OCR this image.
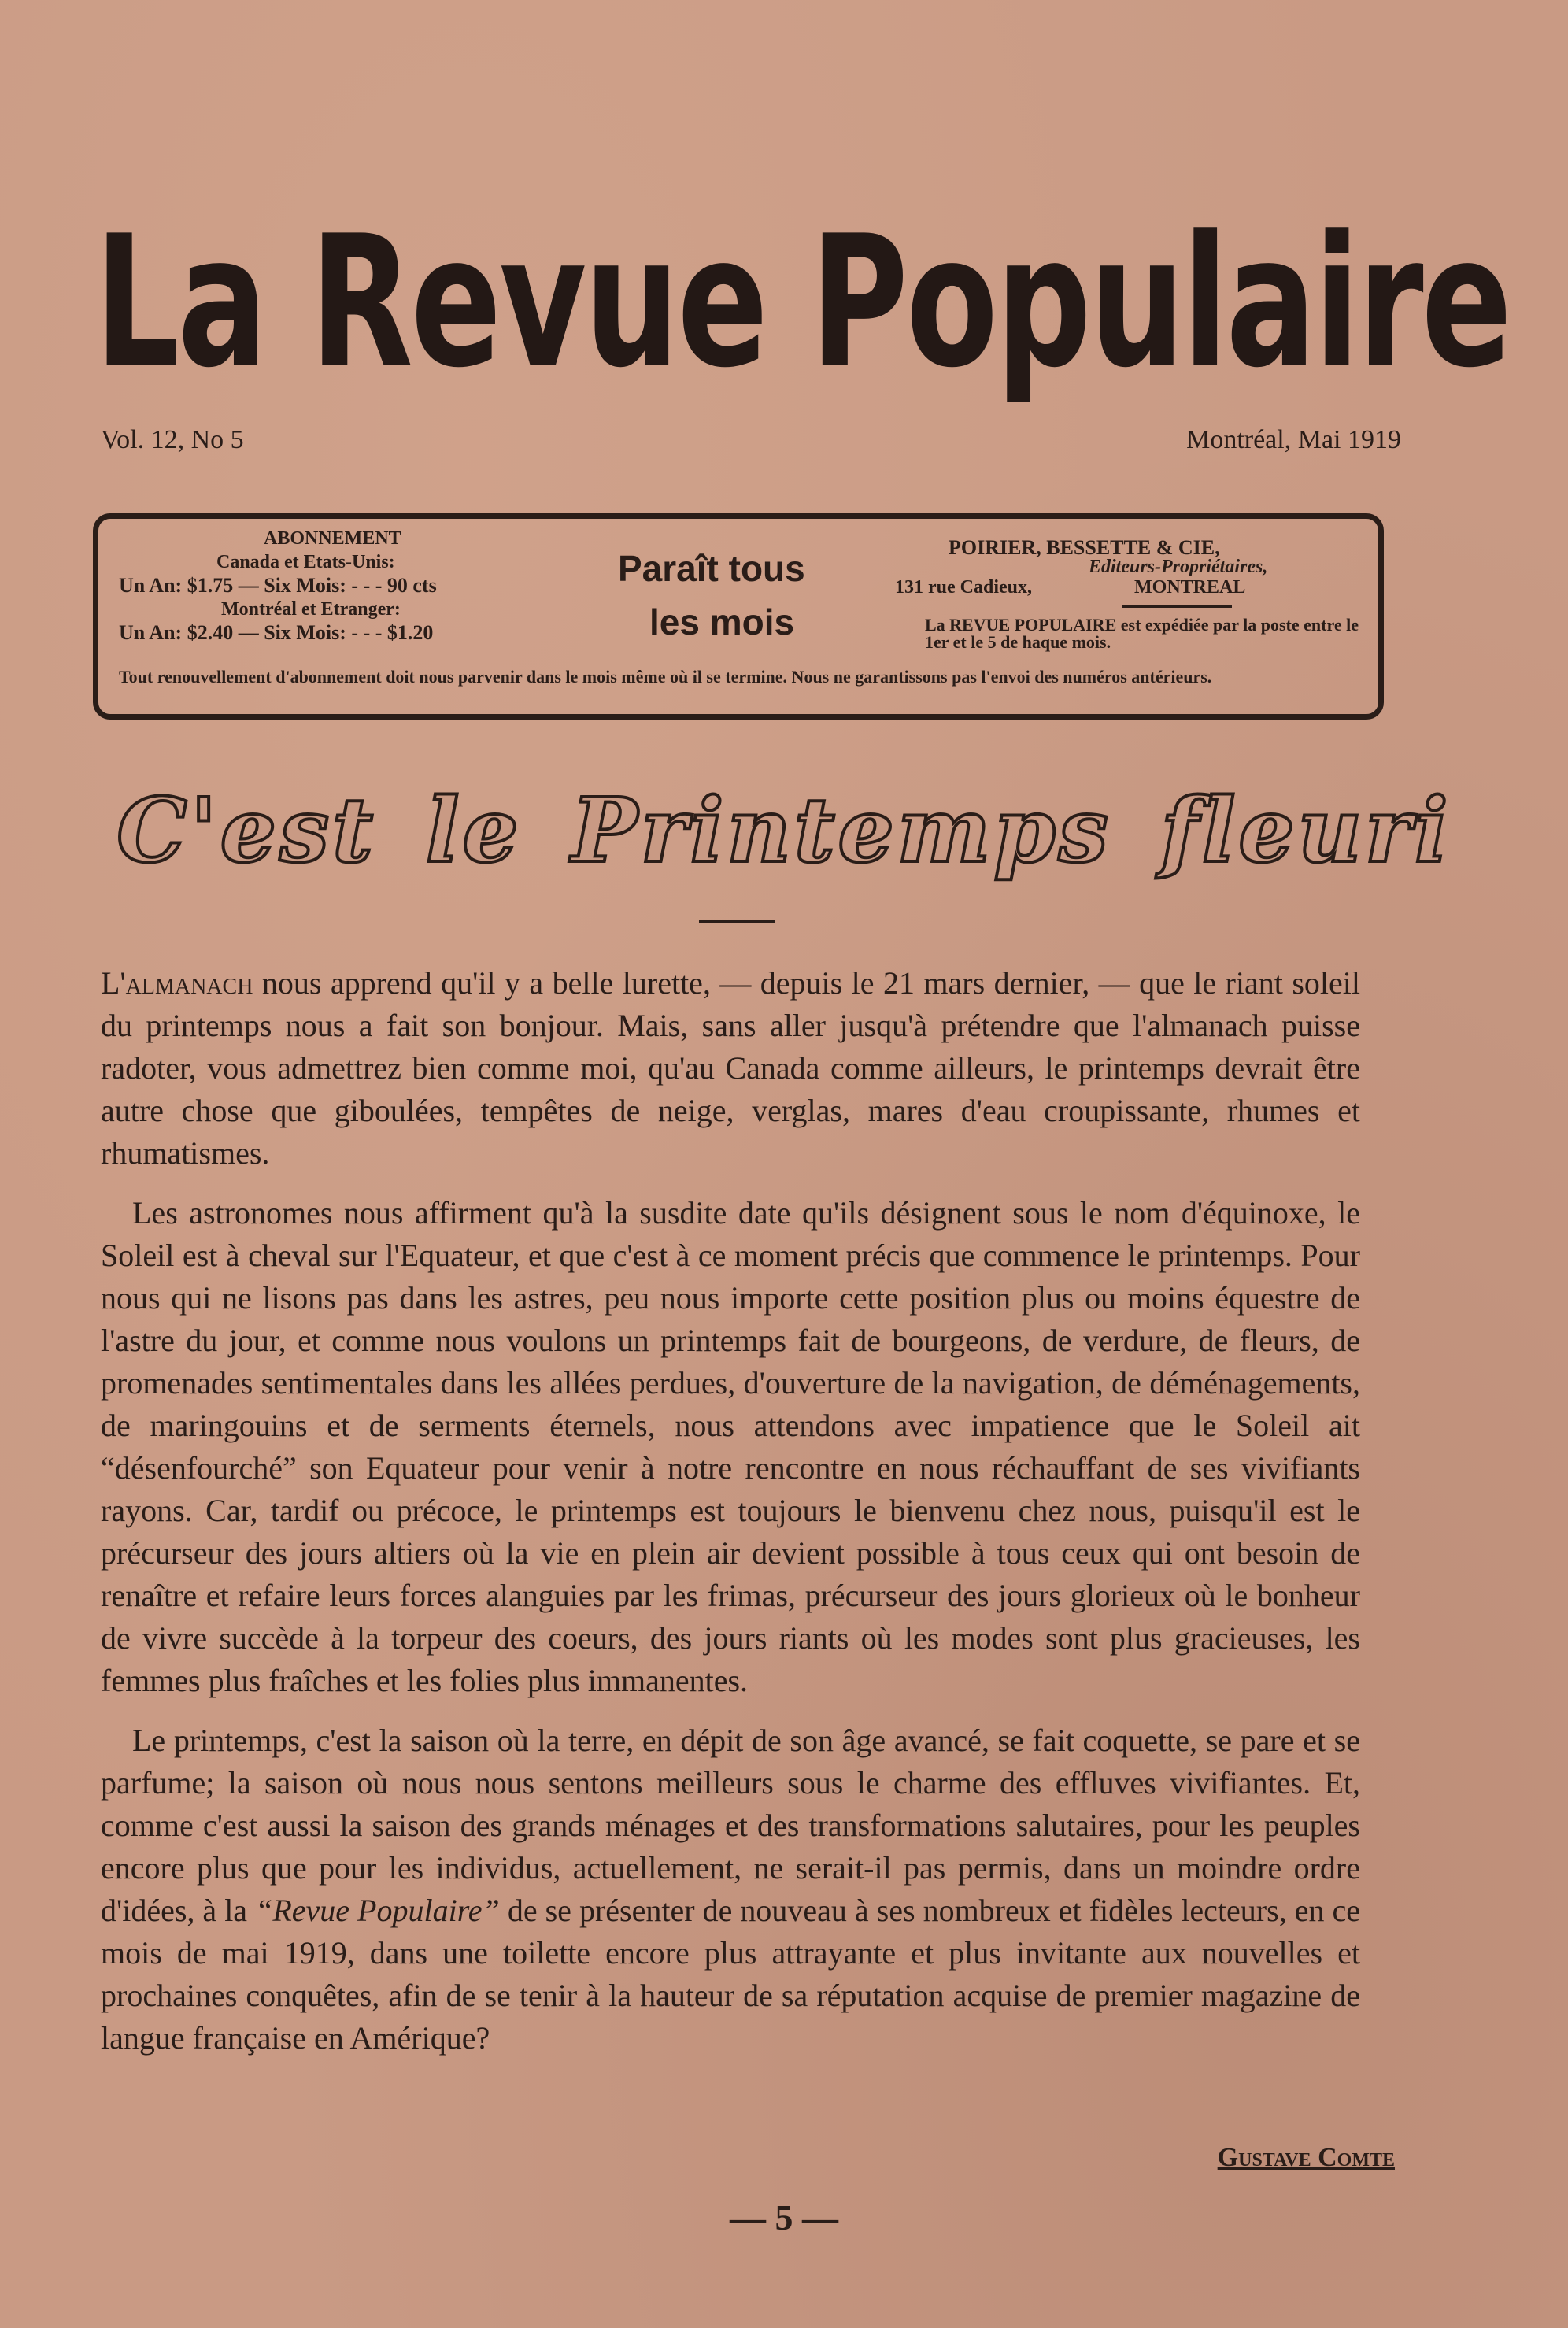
La Revue Populaire
Vol. 12, No 5	Montréal, Mai 1919
ABONNEMENT
Canada et Etats-Unis:
Un An: $1.75 — Six Mois: - - - 90 cts
Montréal et Etranger:
Un An: $2.40 — Six Mois: - - - $1.20
Paraît tous
les mois
POIRIER, BESSETTE & CIE,
Editeurs-Propriétaires,
131 rue Cadieux,	MONTREAL
La REVUE POPULAIRE est expédiée par la poste entre le 1er et le 5 de haque mois.
Tout renouvellement d'abonnement doit nous parvenir dans le mois même où il se termine. Nous ne garantissons pas l'envoi des numéros antérieurs.
C'est le Printemps fleuri

L'almanach nous apprend qu'il y a belle lurette, — depuis le 21 mars dernier, — que le riant soleil du printemps nous a fait son bonjour. Mais, sans aller jusqu'à prétendre que l'almanach puisse radoter, vous admettrez bien comme moi, qu'au Canada comme ailleurs, le printemps devrait être autre chose que giboulées, tempêtes de neige, verglas, mares d'eau croupissante, rhumes et rhumatismes.

Les astronomes nous affirment qu'à la susdite date qu'ils désignent sous le nom d'équinoxe, le Soleil est à cheval sur l'Equateur, et que c'est à ce moment précis que commence le printemps. Pour nous qui ne lisons pas dans les astres, peu nous importe cette position plus ou moins équestre de l'astre du jour, et comme nous voulons un printemps fait de bourgeons, de verdure, de fleurs, de promenades sentimentales dans les allées perdues, d'ouverture de la navigation, de déménagements, de maringouins et de serments éternels, nous attendons avec impatience que le Soleil ait “désenfourché” son Equateur pour venir à notre rencontre en nous réchauffant de ses vivifiants rayons. Car, tardif ou précoce, le printemps est toujours le bienvenu chez nous, puisqu'il est le précurseur des jours altiers où la vie en plein air devient possible à tous ceux qui ont besoin de renaître et refaire leurs forces alanguies par les frimas, précurseur des jours glorieux où le bonheur de vivre succède à la torpeur des coeurs, des jours riants où les modes sont plus gracieuses, les femmes plus fraîches et les folies plus immanentes.

Le printemps, c'est la saison où la terre, en dépit de son âge avancé, se fait coquette, se pare et se parfume; la saison où nous nous sentons meilleurs sous le charme des effluves vivifiantes. Et, comme c'est aussi la saison des grands ménages et des transformations salutaires, pour les peuples encore plus que pour les individus, actuellement, ne serait-il pas permis, dans un moindre ordre d'idées, à la “Revue Populaire” de se présenter de nouveau à ses nombreux et fidèles lecteurs, en ce mois de mai 1919, dans une toilette encore plus attrayante et plus invitante aux nouvelles et prochaines conquêtes, afin de se tenir à la hauteur de sa réputation acquise de premier magazine de langue française en Amérique?

Gustave Comte
— 5 —
